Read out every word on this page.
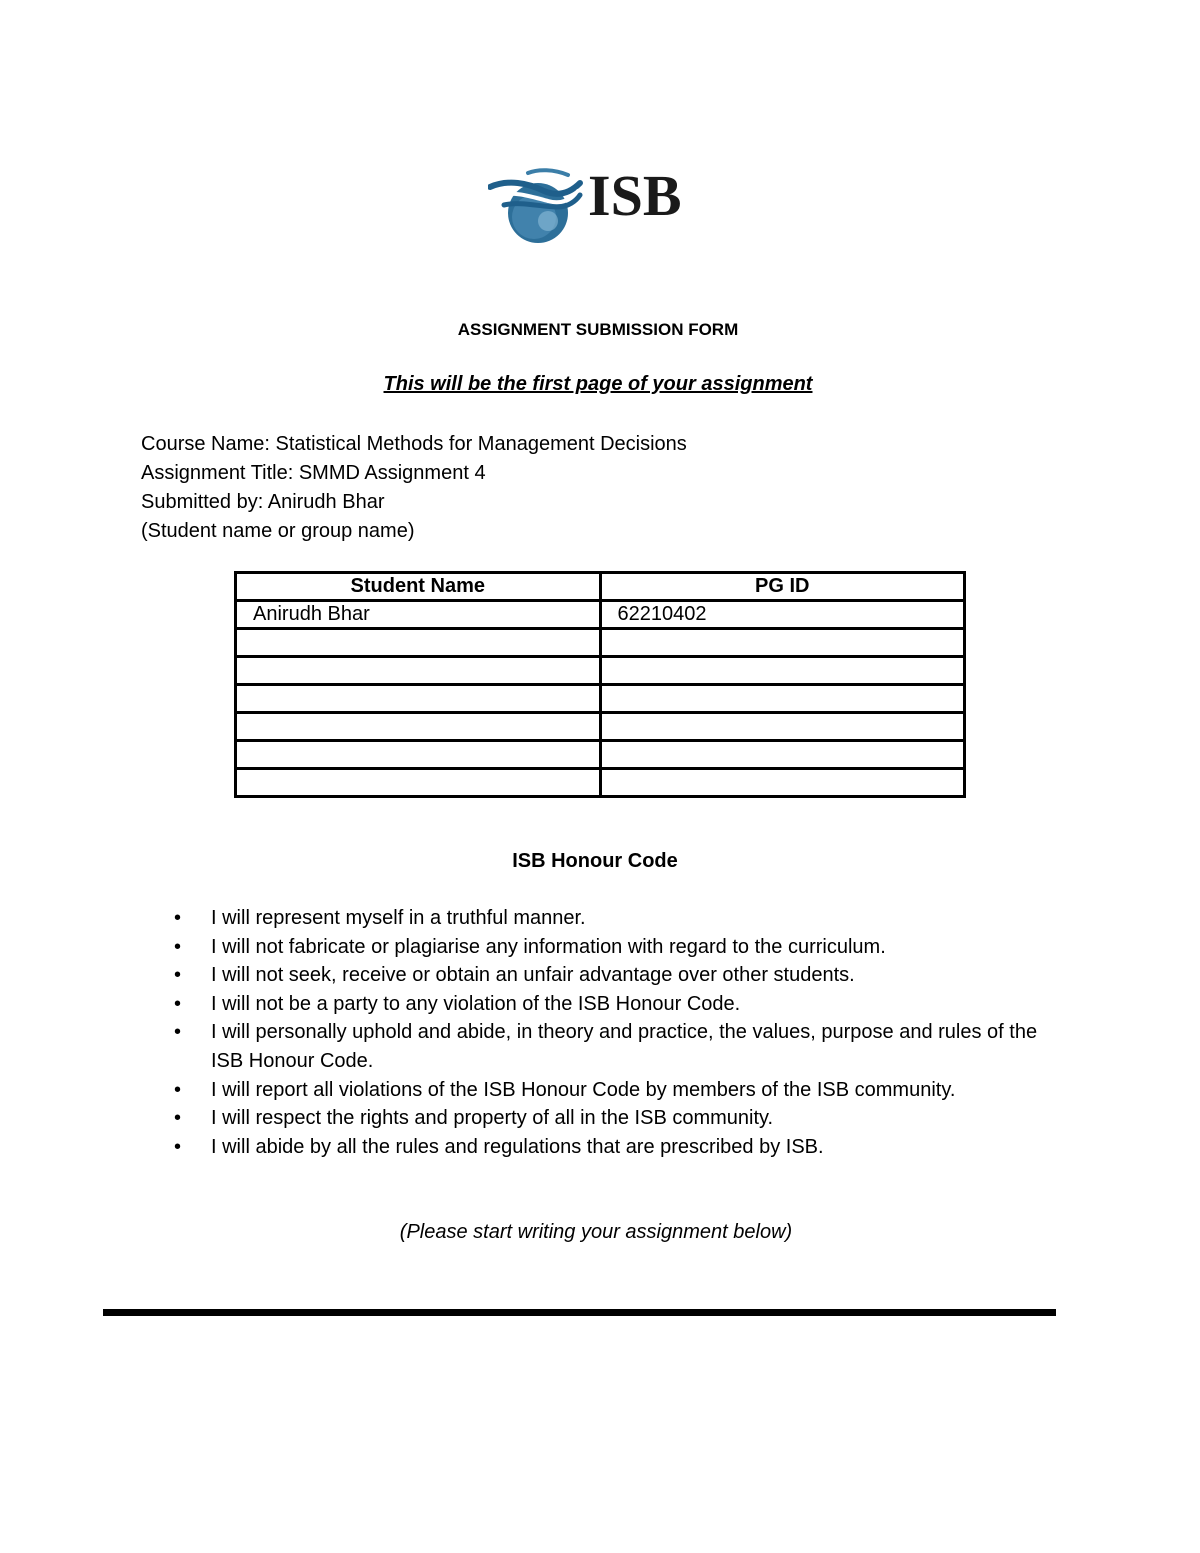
ISB
ASSIGNMENT SUBMISSION FORM
This will be the first page of your assignment
Course Name: Statistical Methods for Management Decisions
Assignment Title: SMMD Assignment 4
Submitted by: Anirudh Bhar
(Student name or group name)
Student Name	PG ID
Anirudh Bhar	62210402

ISB Honour Code
• I will represent myself in a truthful manner.
• I will not fabricate or plagiarise any information with regard to the curriculum.
• I will not seek, receive or obtain an unfair advantage over other students.
• I will not be a party to any violation of the ISB Honour Code.
• I will personally uphold and abide, in theory and practice, the values, purpose and rules of the ISB Honour Code.
• I will report all violations of the ISB Honour Code by members of the ISB community.
• I will respect the rights and property of all in the ISB community.
• I will abide by all the rules and regulations that are prescribed by ISB.
(Please start writing your assignment below)
